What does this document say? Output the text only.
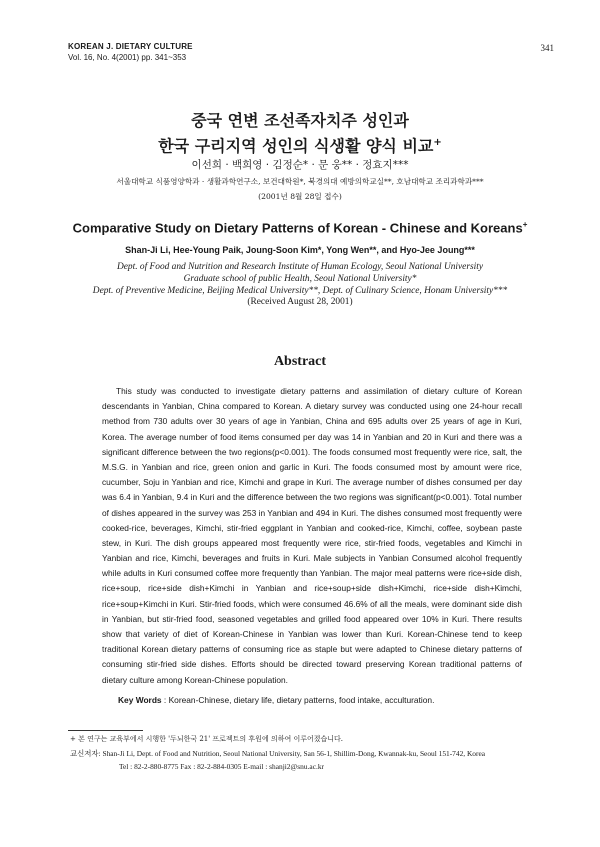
KOREAN J. DIETARY CULTURE
Vol. 16, No. 4(2001) pp. 341~353
341
중국 연변 조선족자치주 성인과
한국 구리지역 성인의 식생활 양식 비교+
이선희 · 백희영 · 김정순* · 문 웅** · 정효지***
서울대학교 식품영양학과 · 생활과학연구소, 보건대학원*, 북경의대 예방의학교실**, 호남대학교 조리과학과***
(2001년 8월 28일 접수)
Comparative Study on Dietary Patterns of Korean - Chinese and Koreans+
Shan-Ji Li, Hee-Young Paik, Joung-Soon Kim*, Yong Wen**, and Hyo-Jee Joung***
Dept. of Food and Nutrition and Research Institute of Human Ecology, Seoul National University
Graduate school of public Health, Seoul National University*
Dept. of Preventive Medicine, Beijing Medical University**, Dept. of Culinary Science, Honam University***
(Received August 28, 2001)
Abstract

This study was conducted to investigate dietary patterns and assimilation of dietary culture of Korean descendants in Yanbian, China compared to Korean. A dietary survey was conducted using one 24-hour recall method from 730 adults over 30 years of age in Yanbian, China and 695 adults over 25 years of age in Kuri, Korea. The average number of food items consumed per day was 14 in Yanbian and 20 in Kuri and there was a significant difference between the two regions(p<0.001). The foods consumed most frequently were rice, salt, the M.S.G. in Yanbian and rice, green onion and garlic in Kuri. The foods consumed most by amount were rice, cucumber, Soju in Yanbian and rice, Kimchi and grape in Kuri. The average number of dishes consumed per day was 6.4 in Yanbian, 9.4 in Kuri and the difference between the two regions was significant(p<0.001). Total number of dishes appeared in the survey was 253 in Yanbian and 494 in Kuri. The dishes consumed most frequently were cooked-rice, beverages, Kimchi, stir-fried eggplant in Yanbian and cooked-rice, Kimchi, coffee, soybean paste stew, in Kuri. The dish groups appeared most frequently were rice, stir-fried foods, vegetables and Kimchi in Yanbian and rice, Kimchi, beverages and fruits in Kuri. Male subjects in Yanbian Consumed alcohol frequently while adults in Kuri consumed coffee more frequently than Yanbian. The major meal patterns were rice+side dish, rice+soup, rice+side dish+Kimchi in Yanbian and rice+soup+side dish+Kimchi, rice+side dish+Kimchi, rice+soup+Kimchi in Kuri. Stir-fried foods, which were consumed 46.6% of all the meals, were dominant side dish in Yanbian, but stir-fried food, seasoned vegetables and grilled food appeared over 10% in Kuri. There results show that variety of diet of Korean-Chinese in Yanbian was lower than Kuri. Korean-Chinese tend to keep traditional Korean dietary patterns of consuming rice as staple but were adapted to Chinese dietary patterns of consuming stir-fried side dishes. Efforts should be directed toward preserving Korean traditional patterns of dietary culture among Korean-Chinese population.

Key Words : Korean-Chinese, dietary life, dietary patterns, food intake, acculturation.
+ 본 연구는 교육부에서 시행한 '두뇌한국 21' 프로젝트의 후원에 의하여 이루어졌습니다.
교신저자: Shan-Ji Li, Dept. of Food and Nutrition, Seoul National University, San 56-1, Shillim-Dong, Kwannak-ku, Seoul 151-742, Korea
Tel : 82-2-880-8775 Fax : 82-2-884-0305 E-mail : shanji2@snu.ac.kr
